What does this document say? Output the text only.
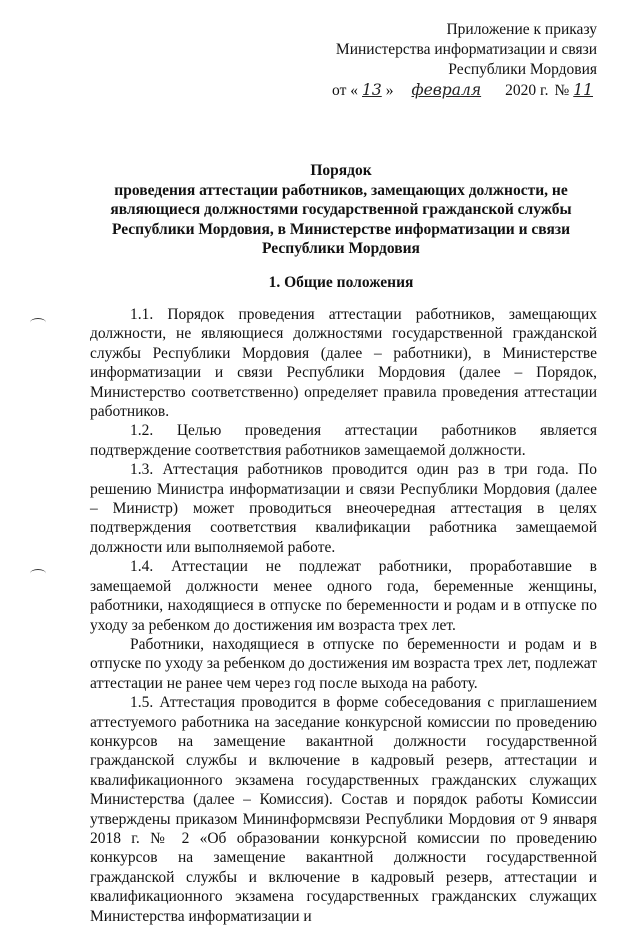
Приложение к приказу
Министерства информатизации и связи
Республики Мордовия
от « 13 »	февраля	2020 г. № 11
Порядок
проведения аттестации работников, замещающих должности, не являющиеся должностями государственной гражданской службы Республики Мордовия, в Министерстве информатизации и связи Республики Мордовия
1. Общие положения

1.1. Порядок проведения аттестации работников, замещающих должности, не являющиеся должностями государственной гражданской службы Республики Мордовия (далее – работники), в Министерстве информатизации и связи Республики Мордовия (далее – Порядок, Министерство соответственно) определяет правила проведения аттестации работников.

1.2. Целью проведения аттестации работников является подтверждение соответствия работников замещаемой должности.

1.3. Аттестация работников проводится один раз в три года. По решению Министра информатизации и связи Республики Мордовия (далее – Министр) может проводиться внеочередная аттестация в целях подтверждения соответствия квалификации работника замещаемой должности или выполняемой работе.

1.4. Аттестации не подлежат работники, проработавшие в замещаемой должности менее одного года, беременные женщины, работники, находящиеся в отпуске по беременности и родам и в отпуске по уходу за ребенком до достижения им возраста трех лет.

Работники, находящиеся в отпуске по беременности и родам и в отпуске по уходу за ребенком до достижения им возраста трех лет, подлежат аттестации не ранее чем через год после выхода на работу.

1.5. Аттестация проводится в форме собеседования с приглашением аттестуемого работника на заседание конкурсной комиссии по проведению конкурсов на замещение вакантной должности государственной гражданской службы и включение в кадровый резерв, аттестации и квалификационного экзамена государственных гражданских служащих Министерства (далее – Комиссия). Состав и порядок работы Комиссии утверждены приказом Мининформсвязи Республики Мордовия от 9 января 2018 г. № 2 «Об образовании конкурсной комиссии по проведению конкурсов на замещение вакантной должности государственной гражданской службы и включение в кадровый резерв, аттестации и квалификационного экзамена государственных гражданских служащих Министерства информатизации и
